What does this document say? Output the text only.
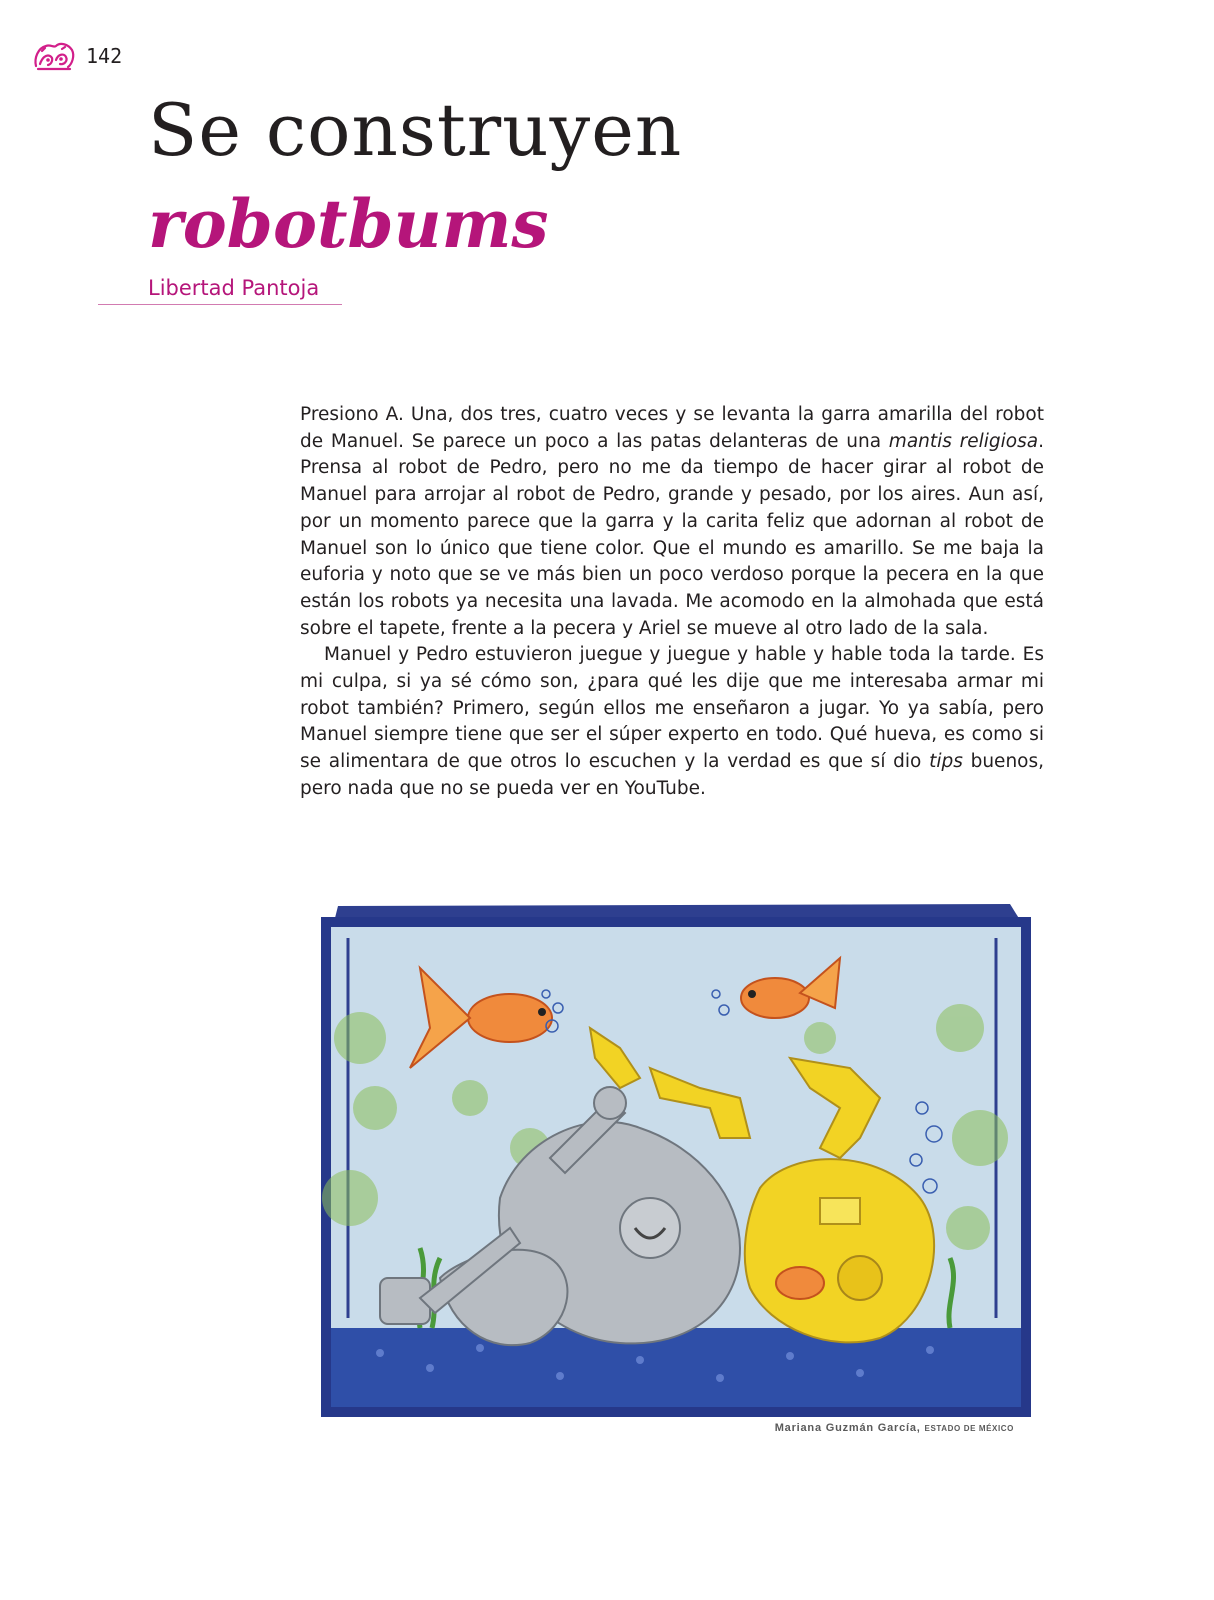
142
Se construyen
robotbums
Libertad Pantoja

Presiono A. Una, dos tres, cuatro veces y se levanta la garra amarilla del robot de Manuel. Se parece un poco a las patas delanteras de una mantis religiosa. Prensa al robot de Pedro, pero no me da tiempo de hacer girar al robot de Manuel para arrojar al robot de Pedro, grande y pesado, por los aires. Aun así, por un momento parece que la garra y la carita feliz que adornan al robot de Manuel son lo único que tiene color. Que el mundo es amarillo. Se me baja la euforia y noto que se ve más bien un poco verdoso porque la pecera en la que están los robots ya necesita una lavada. Me acomodo en la almohada que está sobre el tapete, frente a la pecera y Ariel se mueve al otro lado de la sala.

Manuel y Pedro estuvieron juegue y juegue y hable y hable toda la tarde. Es mi culpa, si ya sé cómo son, ¿para qué les dije que me interesaba armar mi robot también? Primero, según ellos me enseñaron a jugar. Yo ya sabía, pero Manuel siempre tiene que ser el súper experto en todo. Qué hueva, es como si se alimentara de que otros lo escuchen y la verdad es que sí dio tips buenos, pero nada que no se pueda ver en YouTube.

Mariana Guzmán García, ESTADO DE MÉXICO
